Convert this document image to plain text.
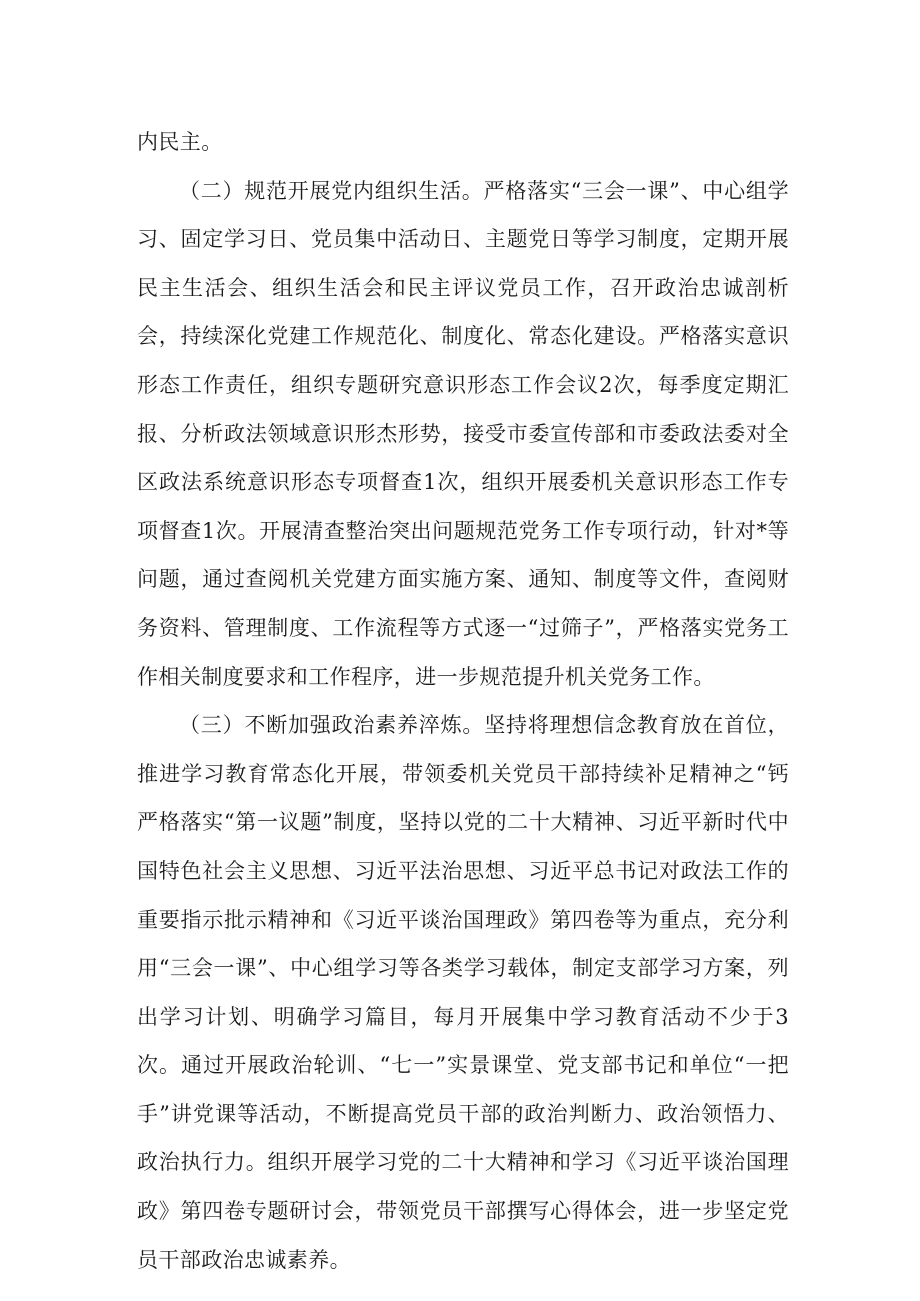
内民主。

（二）规范开展党内组织生活。严格落实“三会一课”、中心组学习、固定学习日、党员集中活动日、主题党日等学习制度，定期开展民主生活会、组织生活会和民主评议党员工作，召开政治忠诚剖析会，持续深化党建工作规范化、制度化、常态化建设。严格落实意识形态工作责任，组织专题研究意识形态工作会议2次，每季度定期汇报、分析政法领域意识形杰形势，接受市委宣传部和市委政法委对全区政法系统意识形态专项督查1次，组织开展委机关意识形态工作专项督查1次。开展清查整治突出问题规范党务工作专项行动，针对*等问题，通过查阅机关党建方面实施方案、通知、制度等文件，查阅财务资料、管理制度、工作流程等方式逐一“过筛子”，严格落实党务工作相关制度要求和工作程序，进一步规范提升机关党务工作。

（三）不断加强政治素养淬炼。坚持将理想信念教育放在首位，推进学习教育常态化开展，带领委机关党员干部持续补足精神之“钙严格落实“第一议题”制度，坚持以党的二十大精神、习近平新时代中国特色社会主义思想、习近平法治思想、习近平总书记对政法工作的重要指示批示精神和《习近平谈治国理政》第四卷等为重点，充分利用“三会一课”、中心组学习等各类学习载体，制定支部学习方案，列出学习计划、明确学习篇目，每月开展集中学习教育活动不少于3次。通过开展政治轮训、“七一”实景课堂、党支部书记和单位“一把手”讲党课等活动，不断提高党员干部的政治判断力、政治领悟力、政治执行力。组织开展学习党的二十大精神和学习《习近平谈治国理政》第四卷专题研讨会，带领党员干部撰写心得体会，进一步坚定党员干部政治忠诚素养。
